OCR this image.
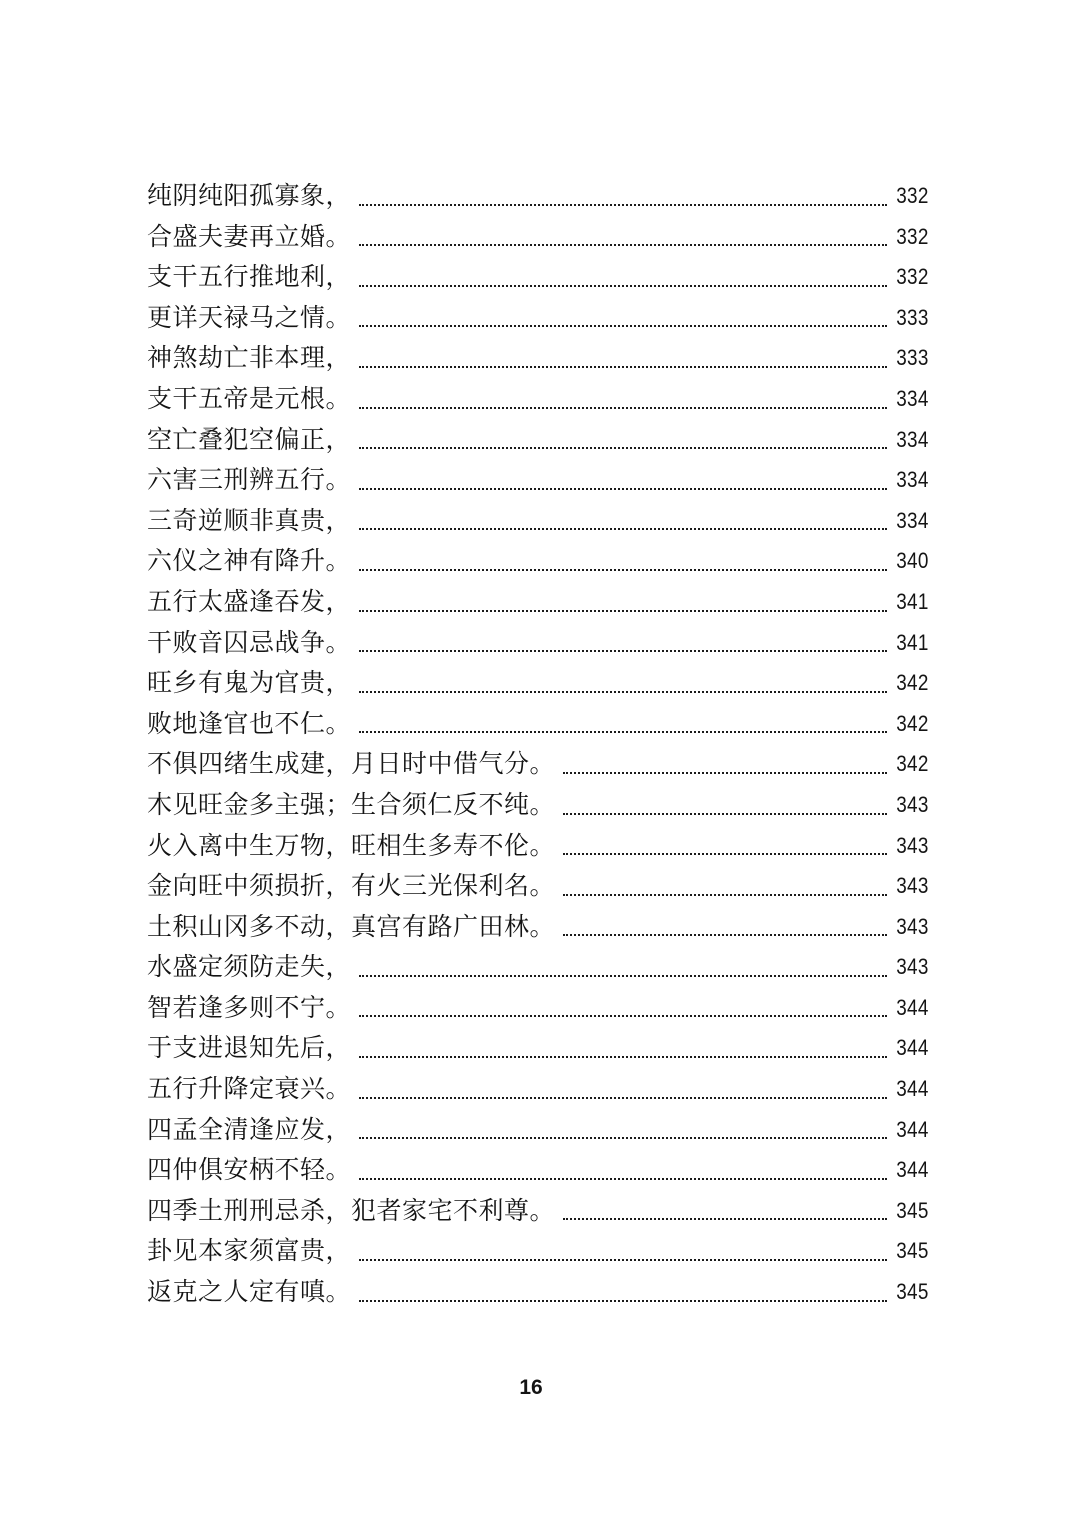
纯阴纯阳孤寡象，	332
合盛夫妻再立婚。	332
支干五行推地利，	332
更详天禄马之情。	333
神煞劫亡非本理，	333
支干五帝是元根。	334
空亡叠犯空偏正，	334
六害三刑辨五行。	334
三奇逆顺非真贵，	334
六仪之神有降升。	340
五行太盛逢吞发，	341
干败音囚忌战争。	341
旺乡有鬼为官贵，	342
败地逢官也不仁。	342
不俱四绪生成建，月日时中借气分。	342
木见旺金多主强；生合须仁反不纯。	343
火入离中生万物，旺相生多寿不伦。	343
金向旺中须损折，有火三光保利名。	343
土积山冈多不动，真宫有路广田林。	343
水盛定须防走失，	343
智若逢多则不宁。	344
于支进退知先后，	344
五行升降定衰兴。	344
四孟全清逢应发，	344
四仲俱安柄不轻。	344
四季土刑刑忌杀，犯者家宅不利尊。	345
卦见本家须富贵，	345
返克之人定有嗔。	345
16
